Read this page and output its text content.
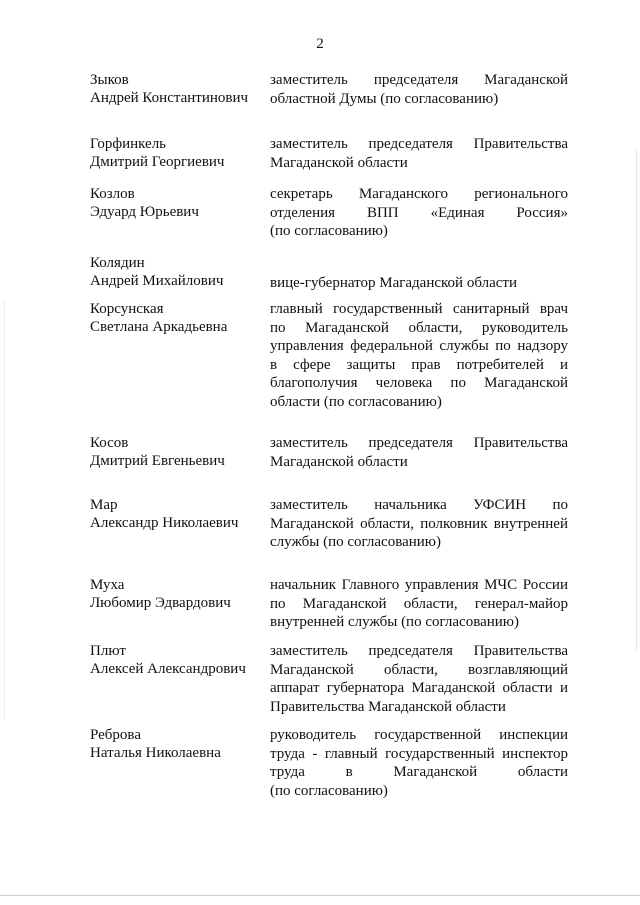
2
Зыков
Андрей Константинович
заместитель председателя Магаданской
областной Думы (по согласованию)
Горфинкель
Дмитрий Георгиевич
заместитель председателя Правительства
Магаданской области
Козлов
Эдуард Юрьевич
секретарь Магаданского регионального
отделения ВПП «Единая Россия»
(по согласованию)
Колядин
Андрей Михайлович	вице-губернатор Магаданской области
Корсунская
Светлана Аркадьевна
главный государственный санитарный врач
по Магаданской области, руководитель
управления федеральной службы по надзору
в сфере защиты прав потребителей и
благополучия человека по Магаданской
области (по согласованию)
Косов
Дмитрий Евгеньевич
заместитель председателя Правительства
Магаданской области
Мар
Александр Николаевич
заместитель начальника УФСИН по
Магаданской области, полковник внутренней
службы (по согласованию)
Муха
Любомир Эдвардович
начальник Главного управления МЧС России
по Магаданской области, генерал-майор
внутренней службы (по согласованию)
Плют
Алексей Александрович
заместитель председателя Правительства
Магаданской области, возглавляющий
аппарат губернатора Магаданской области и
Правительства Магаданской области
Реброва
Наталья Николаевна
руководитель государственной инспекции
труда - главный государственный инспектор
труда в Магаданской области
(по согласованию)
